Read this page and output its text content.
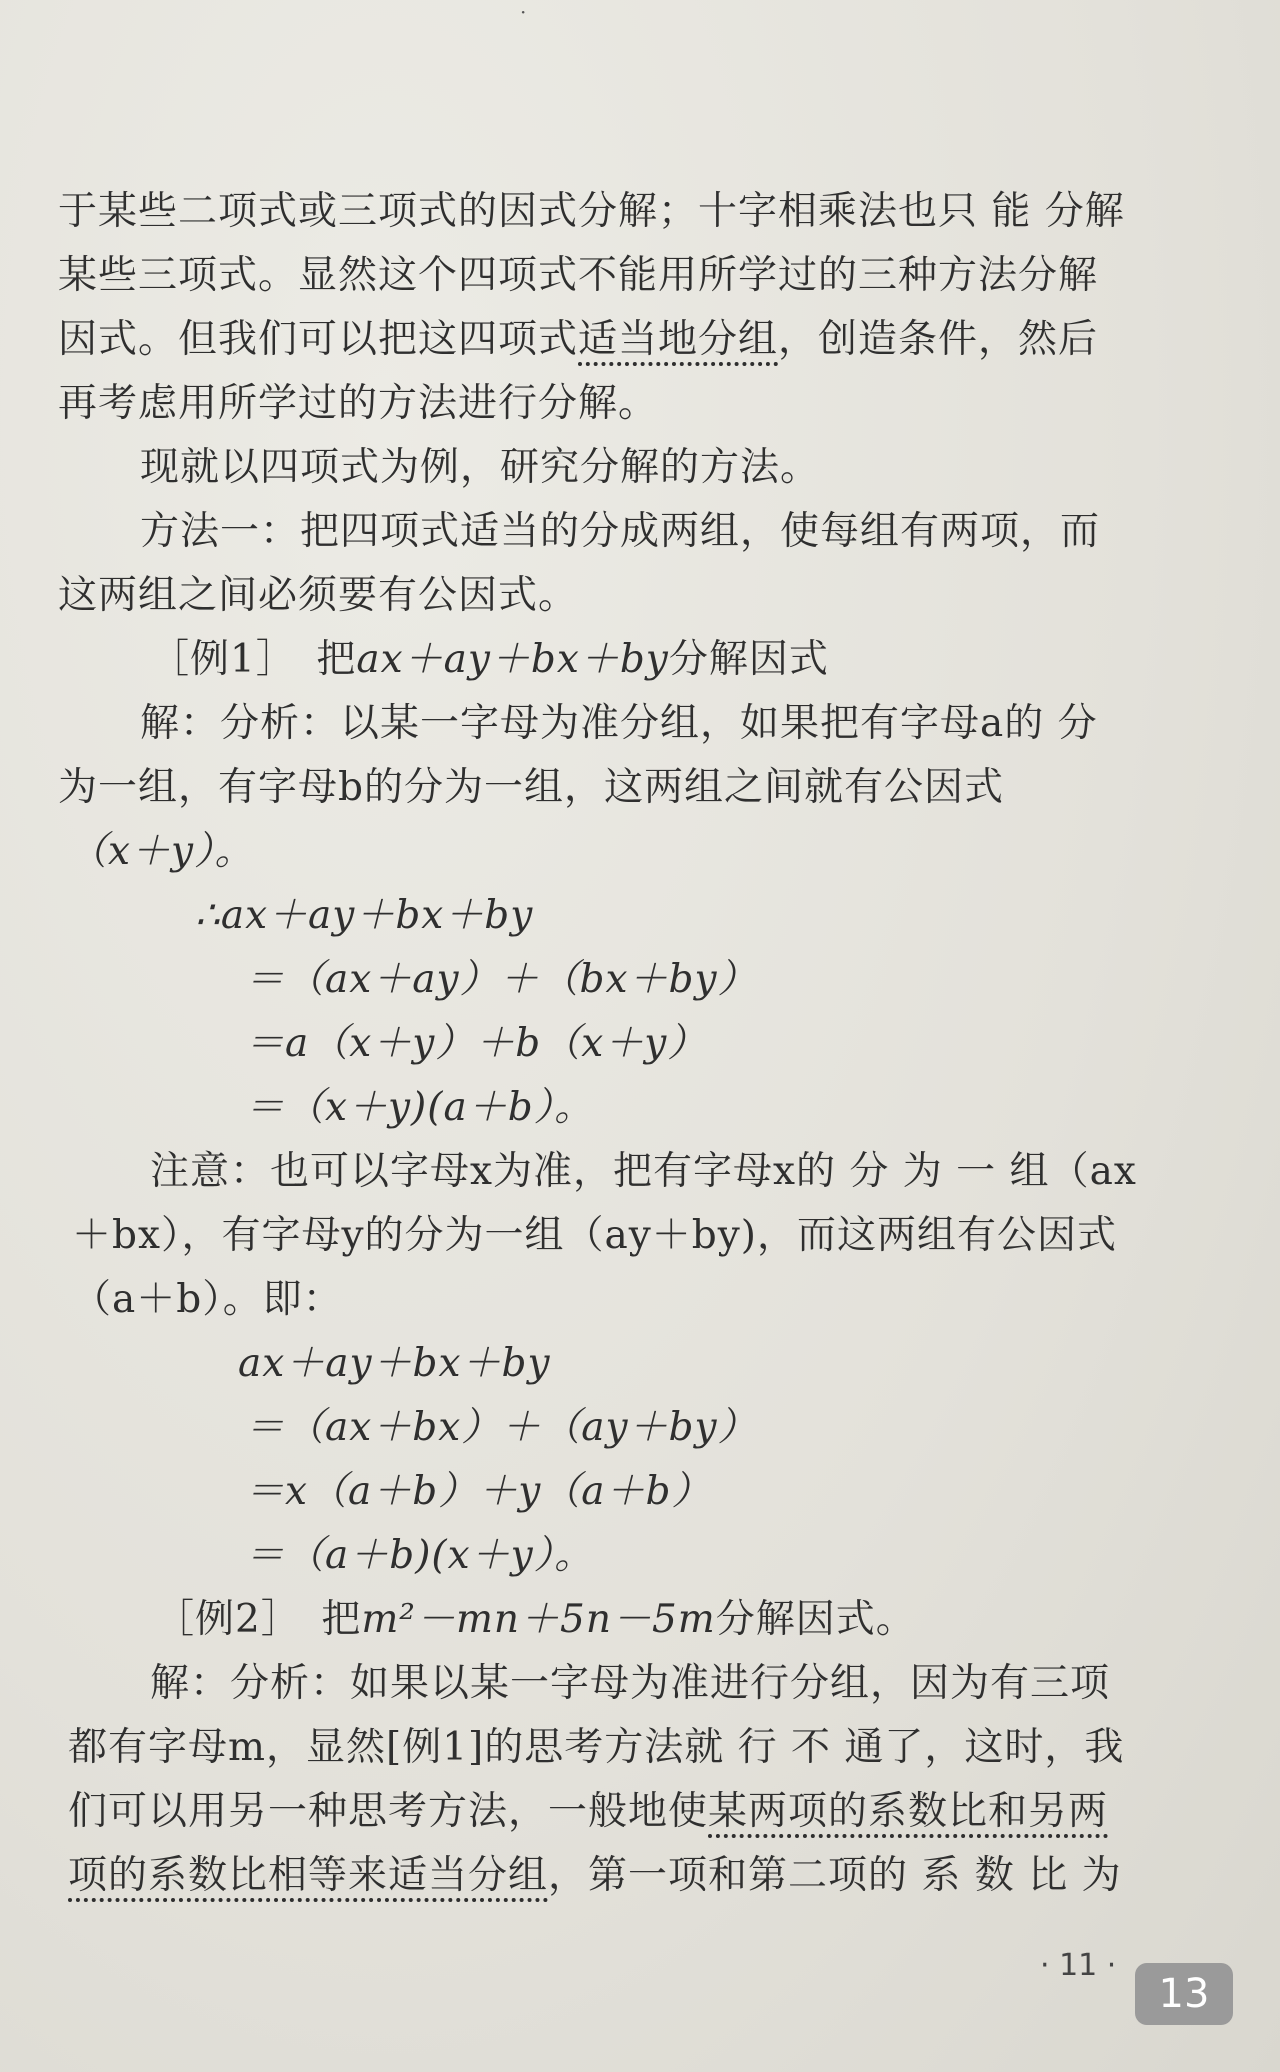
·
于某些二项式或三项式的因式分解；十字相乘法也只 能 分解
某些三项式。显然这个四项式不能用所学过的三种方法分解
因式。但我们可以把这四项式适当地分组，创造条件，然后
再考虑用所学过的方法进行分解。
现就以四项式为例，研究分解的方法。
方法一：把四项式适当的分成两组，使每组有两项，而
这两组之间必须要有公因式。
［例1］　把ax＋ay＋bx＋by分解因式
解：分析：以某一字母为准分组，如果把有字母a的 分
为一组，有字母b的分为一组，这两组之间就有公因式
（x＋y）。
∴ax＋ay＋bx＋by
＝（ax＋ay）＋（bx＋by）
＝a（x＋y）＋b（x＋y）
＝（x＋y)(a＋b）。
注意：也可以字母x为准，把有字母x的 分 为 一 组（ax
＋bx），有字母y的分为一组（ay＋by)，而这两组有公因式
（a＋b）。即：
ax＋ay＋bx＋by
＝（ax＋bx）＋（ay＋by）
＝x（a＋b）＋y（a＋b）
＝（a＋b)(x＋y）。
［例2］　把m²－mn＋5n－5m分解因式。
解：分析：如果以某一字母为准进行分组，因为有三项
都有字母m，显然[例1]的思考方法就 行 不 通了，这时，我
们可以用另一种思考方法，一般地使某两项的系数比和另两
项的系数比相等来适当分组，第一项和第二项的 系 数 比 为
· 11 ·
13
